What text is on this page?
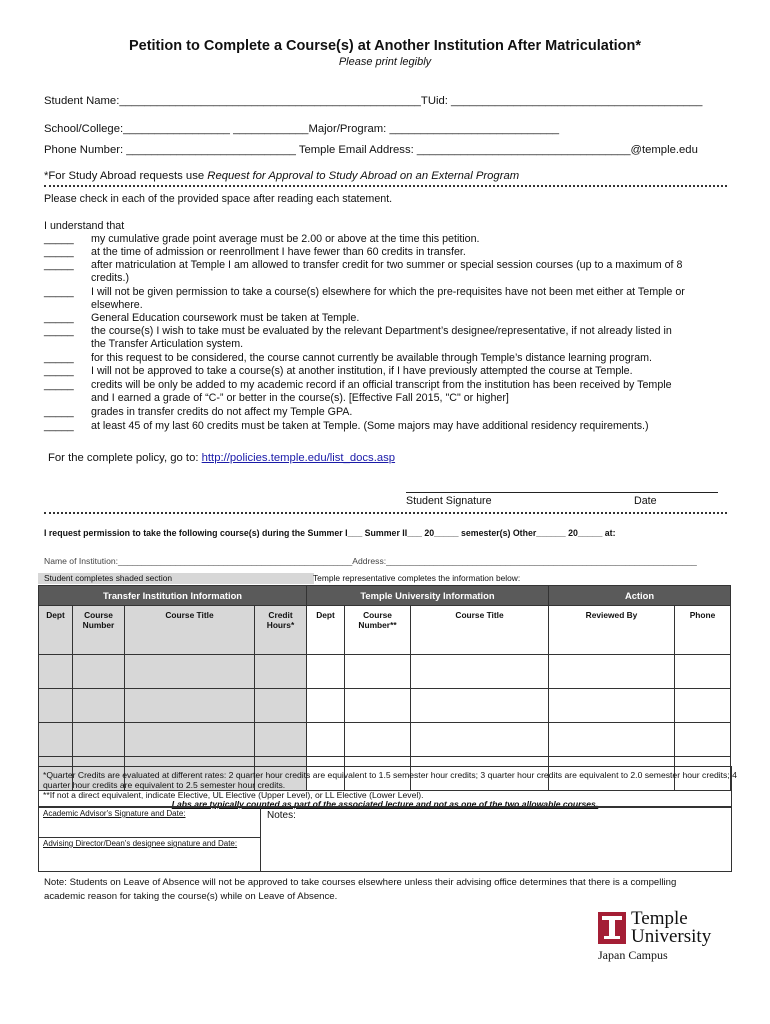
Petition to Complete a Course(s) at Another Institution After Matriculation*
Please print legibly
Student Name:________________________________________________TUid: ________________________________________
School/College:_________________ ____________Major/Program: ___________________________
Phone Number: ___________________________ Temple Email Address: __________________________________@temple.edu
*For Study Abroad requests use Request for Approval to Study Abroad on an External Program
Please check in each of the provided space after reading each statement.
I understand that
_____ my cumulative grade point average must be 2.00 or above at the time this petition.
_____ at the time of admission or reenrollment I have fewer than 60 credits in transfer.
_____ after matriculation at Temple I am allowed to transfer credit for two summer or special session courses (up to a maximum of 8
credits.)
_____ I will not be given permission to take a course(s) elsewhere for which the pre-requisites have not been met either at Temple or
elsewhere.
_____ General Education coursework must be taken at Temple.
_____ the course(s) I wish to take must be evaluated by the relevant Department’s designee/representative, if not already listed in
the Transfer Articulation system.
_____ for this request to be considered, the course cannot currently be available through Temple’s distance learning program.
_____ I will not be approved to take a course(s) at another institution, if I have previously attempted the course at Temple.
_____ credits will be only be added to my academic record if an official transcript from the institution has been received by Temple
and I earned a grade of “C-” or better in the course(s). [Effective Fall 2015, "C" or higher]
_____ grades in transfer credits do not affect my Temple GPA.
_____ at least 45 of my last 60 credits must be taken at Temple. (Some majors may have additional residency requirements.)
For the complete policy, go to: http://policies.temple.edu/list_docs.asp
Student Signature	Date
I request permission to take the following course(s) during the Summer I___ Summer II___ 20_____ semester(s) Other______ 20_____ at:
Name of Institution:_________________________________________________Address:_________________________________________________________________
Student completes shaded section	Temple representative completes the information below:
Transfer Institution Information				Temple University Information			Action	
Dept	Course Number	Course Title	Credit Hours*	Dept	Course Number**	Course Title	Reviewed By	Phone

*Quarter Credits are evaluated at different rates: 2 quarter hour credits are equivalent to 1.5 semester hour credits; 3 quarter hour credits are equivalent to 2.0 semester hour credits; 4
quarter hour credits are equivalent to 2.5 semester hour credits.
**If not a direct equivalent, indicate Elective, UL Elective (Upper Level), or LL Elective (Lower Level).
Labs are typically counted as part of the associated lecture and not as one of the two allowable courses.
Academic Advisor's Signature and Date:	Notes:
Advising Director/Dean's designee signature and Date:
Note: Students on Leave of Absence will not be approved to take courses elsewhere unless their advising office determines that there is a compelling
academic reason for taking the course(s) while on Leave of Absence.
Temple
University
Japan Campus
